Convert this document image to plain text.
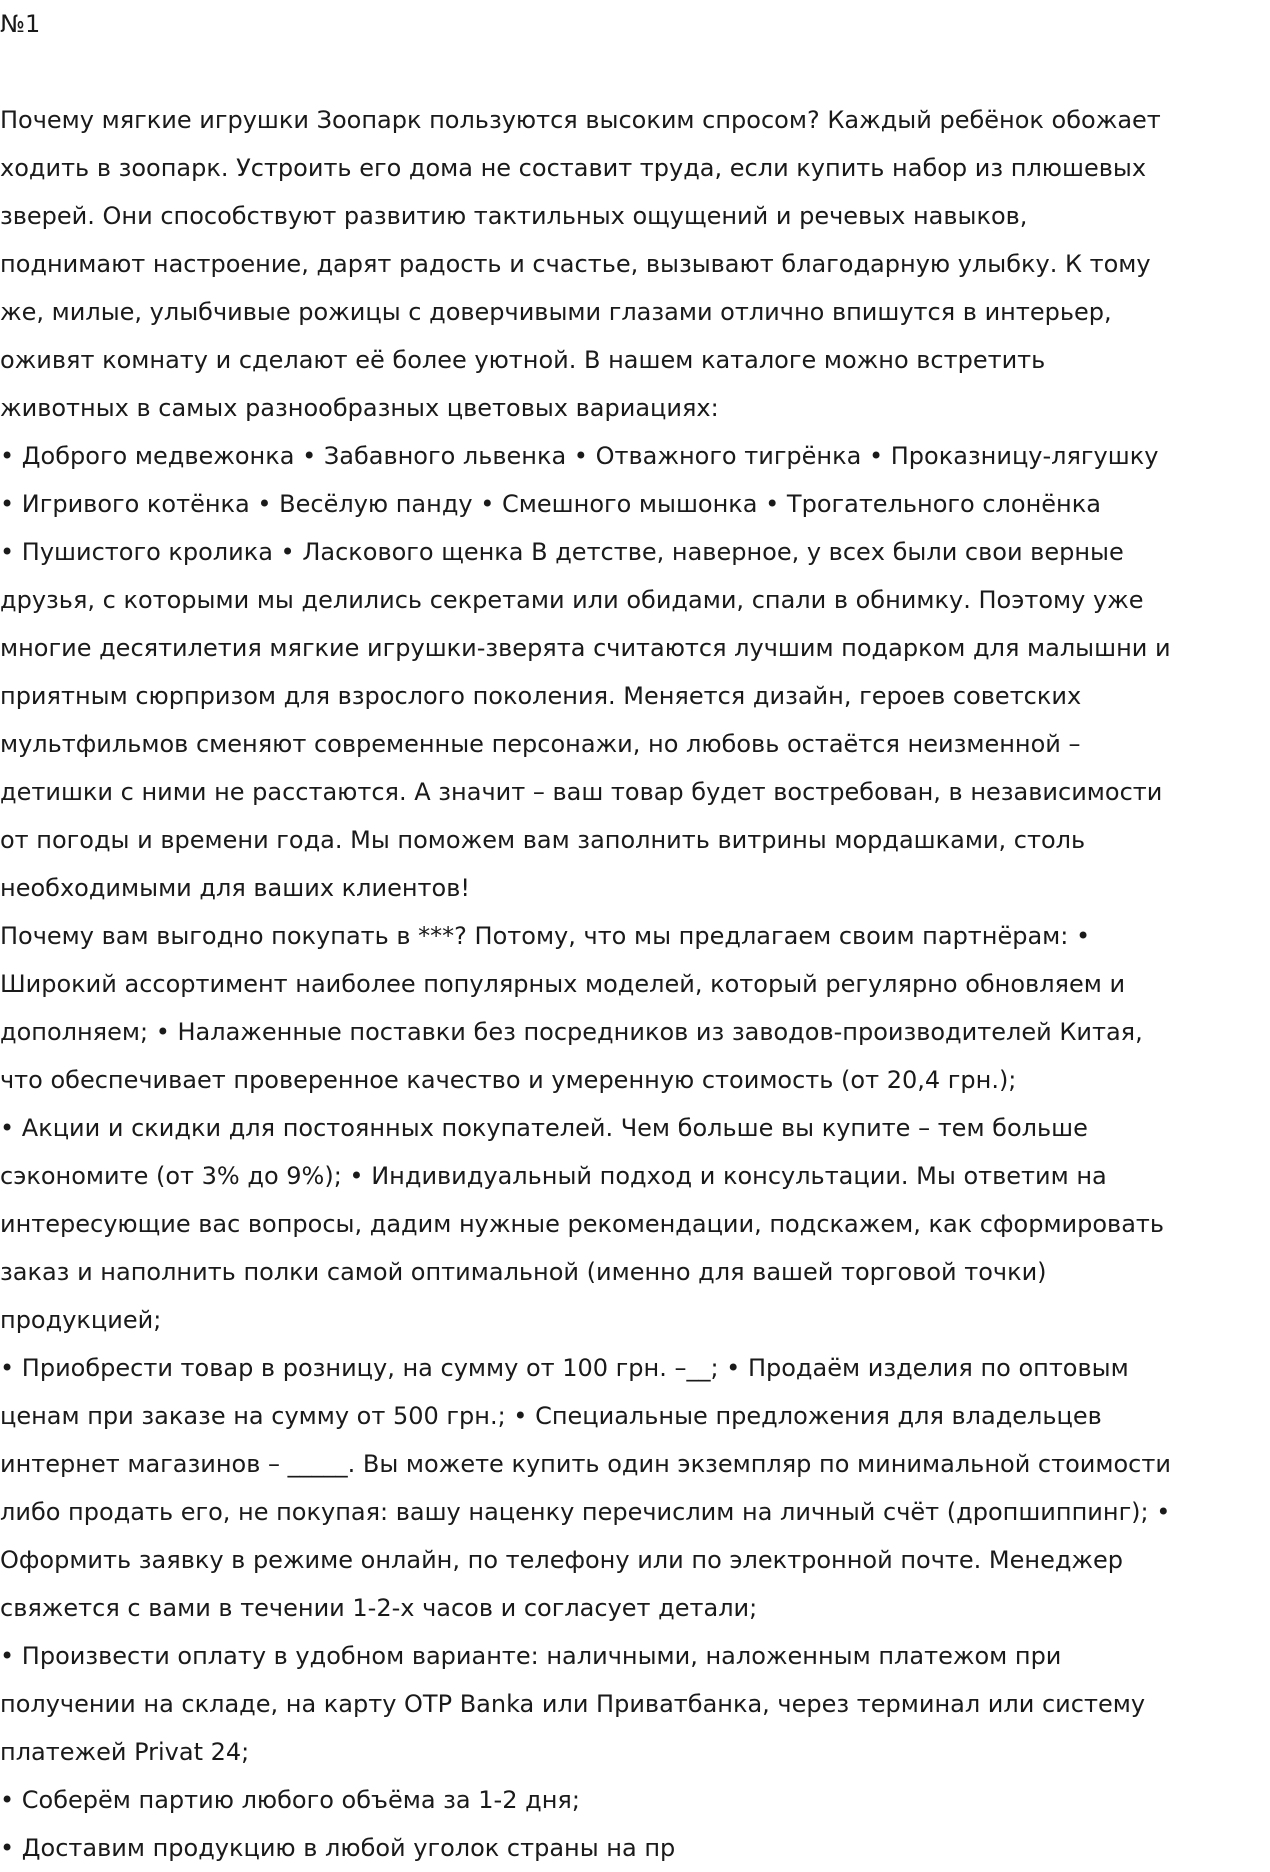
№1

Почему мягкие игрушки Зоопарк пользуются высоким спросом? Каждый ребёнок обожает

ходить в зоопарк. Устроить его дома не составит труда, если купить набор из плюшевых

зверей. Они способствуют развитию тактильных ощущений и речевых навыков,

поднимают настроение, дарят радость и счастье, вызывают благодарную улыбку. К тому

же, милые, улыбчивые рожицы с доверчивыми глазами отлично впишутся в интерьер,

оживят комнату и сделают её более уютной. В нашем каталоге можно встретить

животных в самых разнообразных цветовых вариациях:

• Доброго медвежонка • Забавного львенка • Отважного тигрёнка • Проказницу-лягушку

• Игривого котёнка • Весёлую панду • Смешного мышонка • Трогательного слонёнка

• Пушистого кролика • Ласкового щенка В детстве, наверное, у всех были свои верные

друзья, с которыми мы делились секретами или обидами, спали в обнимку. Поэтому уже

многие десятилетия мягкие игрушки-зверята считаются лучшим подарком для малышни и

приятным сюрпризом для взрослого поколения. Меняется дизайн, героев советских

мультфильмов сменяют современные персонажи, но любовь остаётся неизменной –

детишки с ними не расстаются. А значит – ваш товар будет востребован, в независимости

от погоды и времени года. Мы поможем вам заполнить витрины мордашками, столь

необходимыми для ваших клиентов!

Почему вам выгодно покупать в ***? Потому, что мы предлагаем своим партнёрам: •

Широкий ассортимент наиболее популярных моделей, который регулярно обновляем и

дополняем; • Налаженные поставки без посредников из заводов-производителей Китая,

что обеспечивает проверенное качество и умеренную стоимость (от 20,4 грн.);

• Акции и скидки для постоянных покупателей. Чем больше вы купите – тем больше

сэкономите (от 3% до 9%); • Индивидуальный подход и консультации. Мы ответим на

интересующие вас вопросы, дадим нужные рекомендации, подскажем, как сформировать

заказ и наполнить полки самой оптимальной (именно для вашей торговой точки)

продукцией;

• Приобрести товар в розницу, на сумму от 100 грн. –__; • Продаём изделия по оптовым

ценам при заказе на сумму от 500 грн.; • Специальные предложения для владельцев

интернет магазинов – _____. Вы можете купить один экземпляр по минимальной стоимости

либо продать его, не покупая: вашу наценку перечислим на личный счёт (дропшиппинг); •

Оформить заявку в режиме онлайн, по телефону или по электронной почте. Менеджер

свяжется с вами в течении 1-2-х часов и согласует детали;

• Произвести оплату в удобном варианте: наличными, наложенным платежом при

получении на складе, на карту OTP Banka или Приватбанка, через терминал или систему

платежей Privat 24;

• Соберём партию любого объёма за 1-2 дня;

• Доставим продукцию в любой уголок страны на пр
